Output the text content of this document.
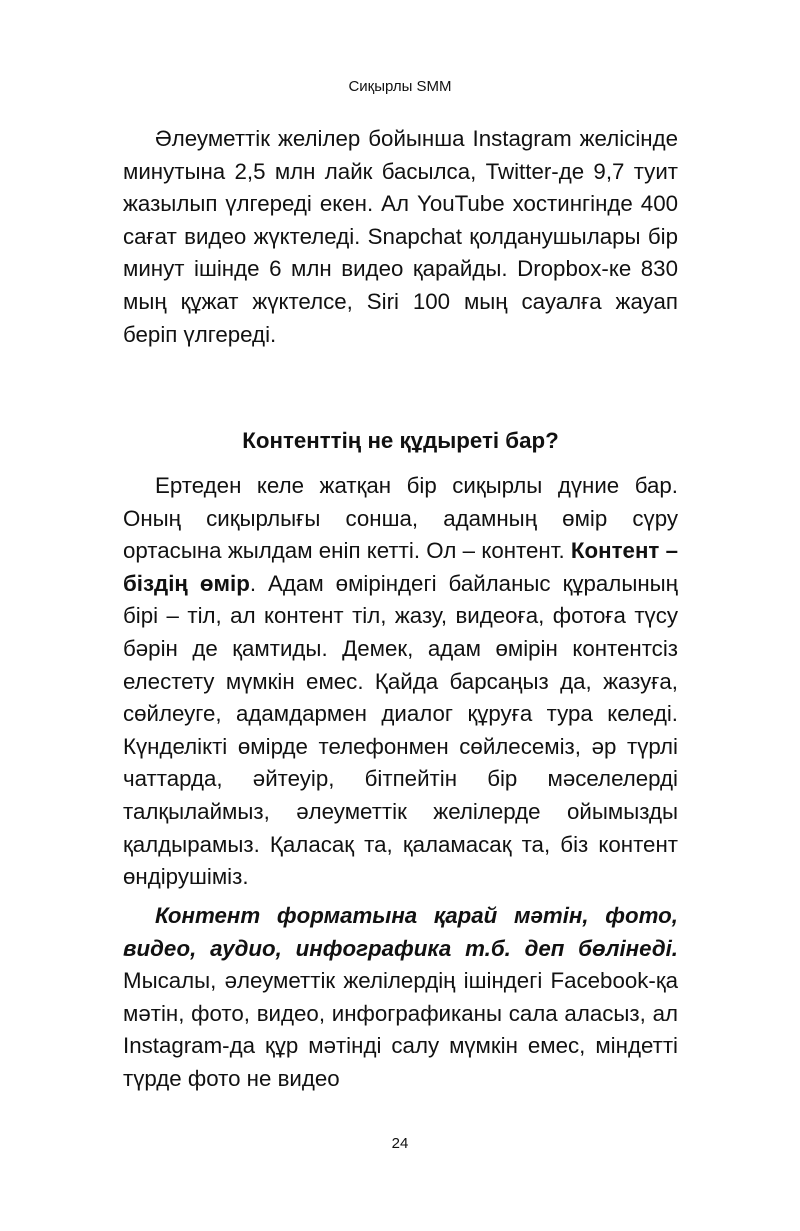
Сиқырлы SMM

Әлеуметтік желілер бойынша Instagram желісінде минутына 2,5 млн лайк басылса, Twitter-де 9,7 туит жазылып үлгереді екен. Ал YouTube хостингінде 400 сағат видео жүктеледі. Snapchat қолданушылары бір минут ішінде 6 млн видео қарайды. Dropbox-ке 830 мың құжат жүктелсе, Siri 100 мың сауалға жауап беріп үлгереді.

Контенттің не құдыреті бар?

Ертеден келе жатқан бір сиқырлы дүние бар. Оның сиқырлығы сонша, адамның өмір сүру ортасына жылдам еніп кетті. Ол – контент. Контент – біздің өмір. Адам өміріндегі байланыс құралының бірі – тіл, ал контент тіл, жазу, видеоға, фотоға түсу бәрін де қамтиды. Демек, адам өмірін контентсіз елестету мүмкін емес. Қайда барсаңыз да, жазуға, сөйлеуге, адамдармен диалог құруға тура келеді. Күнделікті өмірде телефонмен сөйлесеміз, әр түрлі чаттарда, әйтеуір, бітпейтін бір мәселелерді талқылаймыз, әлеуметтік желілерде ойымызды қалдырамыз. Қаласақ та, қаламасақ та, біз контент өндірушіміз.

Контент форматына қарай мәтін, фото, видео, аудио, инфографика т.б. деп бөлінеді. Мысалы, әлеуметтік желілердің ішіндегі Facebook-қа мәтін, фото, видео, инфографиканы сала аласыз, ал Instagram-да құр мәтінді салу мүмкін емес, міндетті түрде фото не видео

24
